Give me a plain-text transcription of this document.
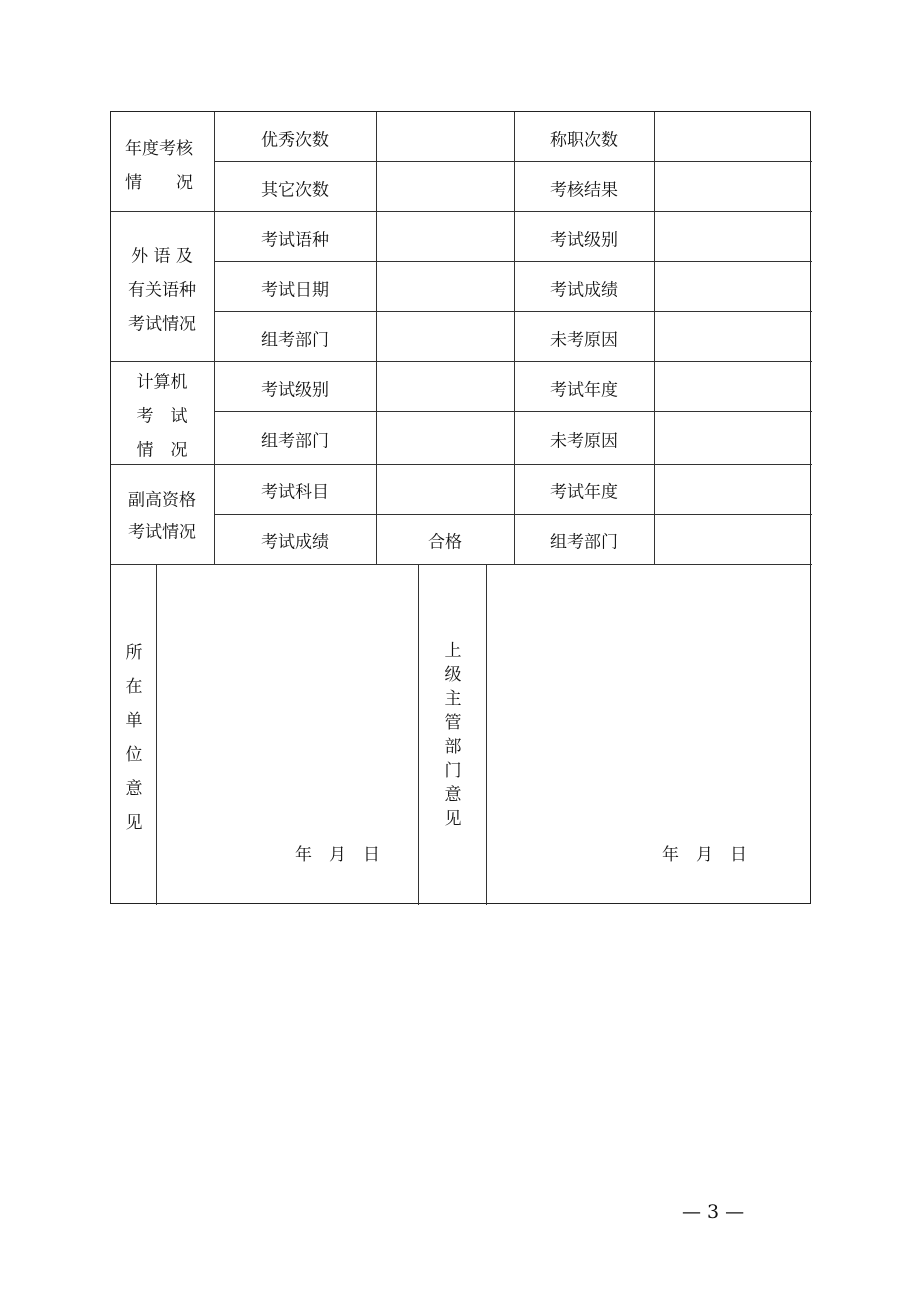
年度考核
情　　况
优秀次数	称职次数
其它次数	考核结果
外 语 及
有关语种
考试情况
考试语种	考试级别
考试日期	考试成绩
组考部门	未考原因
计算机
考　试
情　况
考试级别	考试年度
组考部门	未考原因
副高资格
考试情况
考试科目	考试年度
考试成绩	合格	组考部门
所在单位意见
年　月　日
上级主管部门意见
年　月　日
— 3 —
